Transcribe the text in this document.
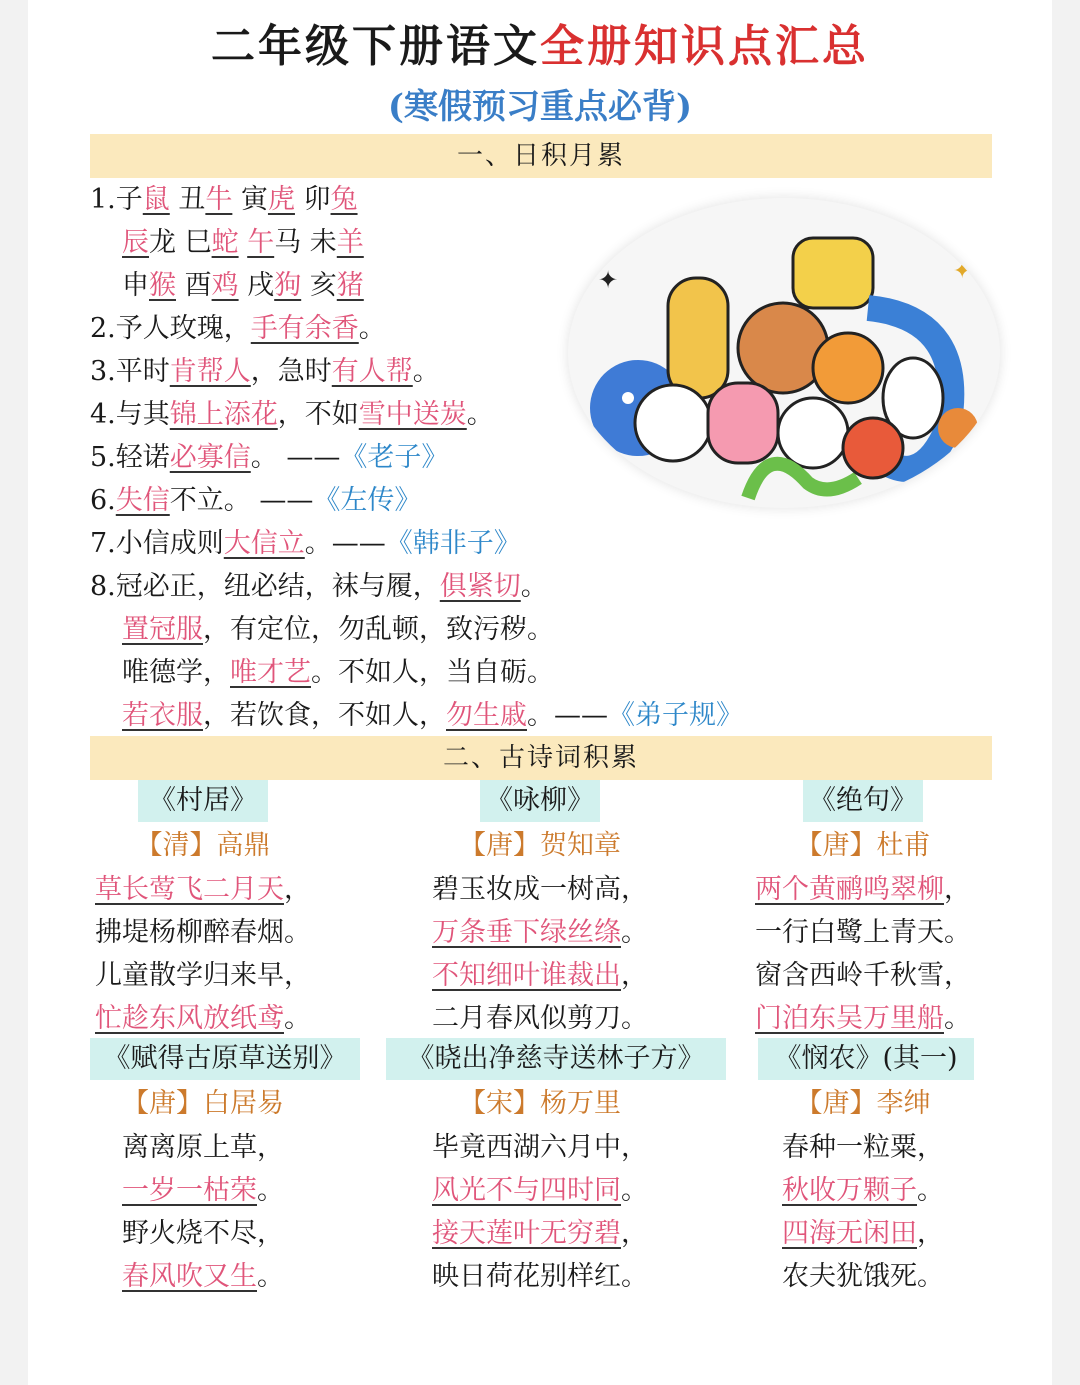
二年级下册语文全册知识点汇总
(寒假预习重点必背)
一、日积月累
1.子鼠 丑牛 寅虎 卯兔
辰龙 巳蛇 午马 未羊
申猴 酉鸡 戌狗 亥猪
2.予人玫瑰，手有余香。
3.平时肯帮人，急时有人帮。
4.与其锦上添花，不如雪中送炭。
5.轻诺必寡信。 ——《老子》
6.失信不立。 ——《左传》
7.小信成则大信立。——《韩非子》
8.冠必正，纽必结，袜与履，俱紧切。
置冠服，有定位，勿乱顿，致污秽。
唯德学，唯才艺。不如人，当自砺。
若衣服，若饮食，不如人，勿生戚。——《弟子规》
✦	✦
二、古诗词积累
《村居》
【清】高鼎
草长莺飞二月天，
拂堤杨柳醉春烟。
儿童散学归来早，
忙趁东风放纸鸢。
《咏柳》
【唐】贺知章
碧玉妆成一树高，
万条垂下绿丝绦。
不知细叶谁裁出，
二月春风似剪刀。
《绝句》
【唐】杜甫
两个黄鹂鸣翠柳，
一行白鹭上青天。
窗含西岭千秋雪，
门泊东吴万里船。
《赋得古原草送别》
【唐】白居易
离离原上草，
一岁一枯荣。
野火烧不尽，
春风吹又生。
《晓出净慈寺送林子方》
【宋】杨万里
毕竟西湖六月中，
风光不与四时同。
接天莲叶无穷碧，
映日荷花别样红。
《悯农》(其一)
【唐】李绅
春种一粒粟，
秋收万颗子。
四海无闲田，
农夫犹饿死。
